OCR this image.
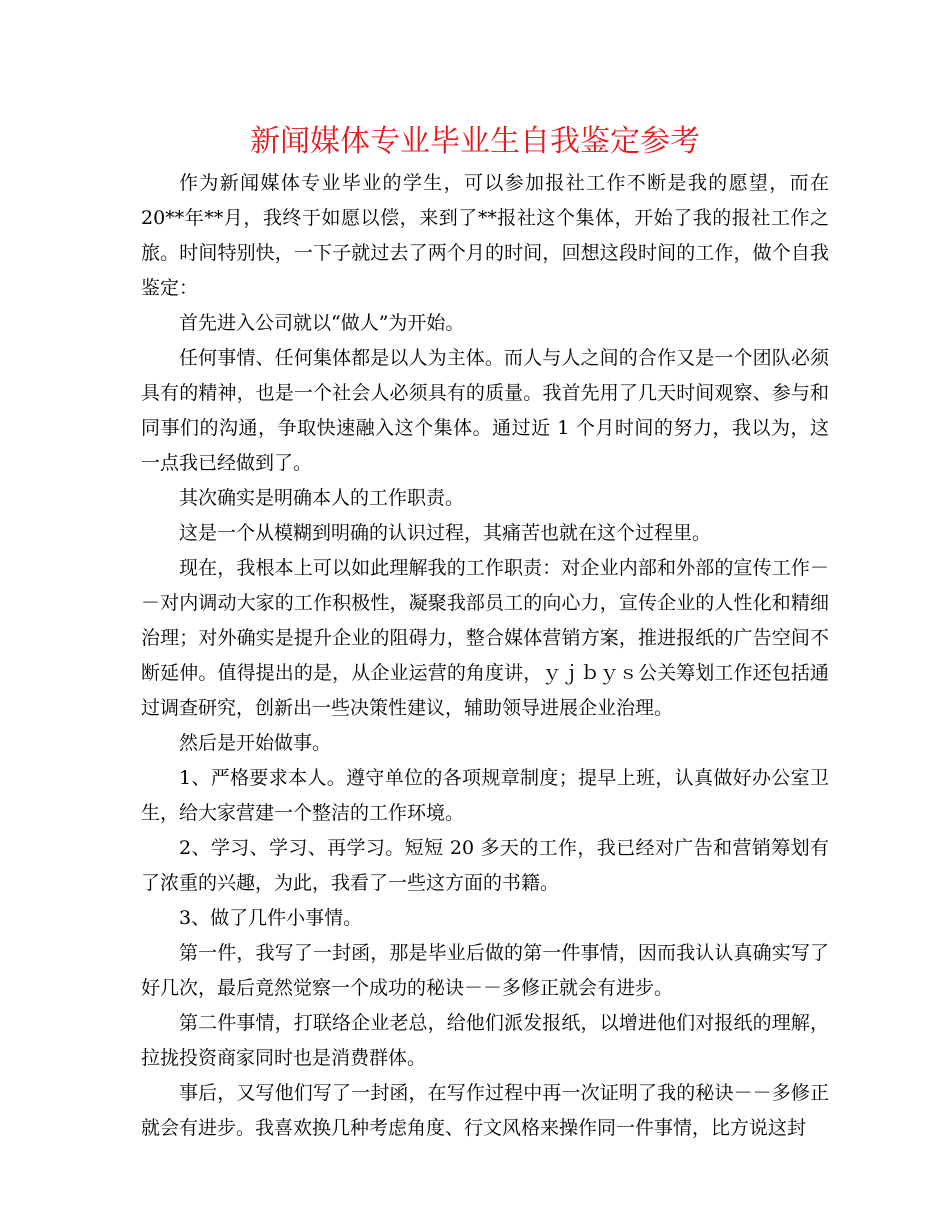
新闻媒体专业毕业生自我鉴定参考

作为新闻媒体专业毕业的学生，可以参加报社工作不断是我的愿望，而在20**年**月，我终于如愿以偿，来到了**报社这个集体，开始了我的报社工作之旅。时间特别快，一下子就过去了两个月的时间，回想这段时间的工作，做个自我鉴定：

首先进入公司就以“做人”为开始。

任何事情、任何集体都是以人为主体。而人与人之间的合作又是一个团队必须具有的精神，也是一个社会人必须具有的质量。我首先用了几天时间观察、参与和同事们的沟通，争取快速融入这个集体。通过近 1 个月时间的努力，我以为，这一点我已经做到了。

其次确实是明确本人的工作职责。

这是一个从模糊到明确的认识过程，其痛苦也就在这个过程里。

现在，我根本上可以如此理解我的工作职责：对企业内部和外部的宣传工作－－对内调动大家的工作积极性，凝聚我部员工的向心力，宣传企业的人性化和精细治理；对外确实是提升企业的阻碍力，整合媒体营销方案，推进报纸的广告空间不断延伸。值得提出的是，从企业运营的角度讲，ｙｊｂｙｓ公关筹划工作还包括通过调查研究，创新出一些决策性建议，辅助领导进展企业治理。

然后是开始做事。

1、严格要求本人。遵守单位的各项规章制度；提早上班，认真做好办公室卫生，给大家营建一个整洁的工作环境。

2、学习、学习、再学习。短短 20 多天的工作，我已经对广告和营销筹划有了浓重的兴趣，为此，我看了一些这方面的书籍。

3、做了几件小事情。

第一件，我写了一封函，那是毕业后做的第一件事情，因而我认认真确实写了好几次，最后竟然觉察一个成功的秘诀－－多修正就会有进步。

第二件事情，打联络企业老总，给他们派发报纸，以增进他们对报纸的理解，拉拢投资商家同时也是消费群体。

事后，又写他们写了一封函，在写作过程中再一次证明了我的秘诀－－多修正就会有进步。我喜欢换几种考虑角度、行文风格来操作同一件事情，比方说这封
